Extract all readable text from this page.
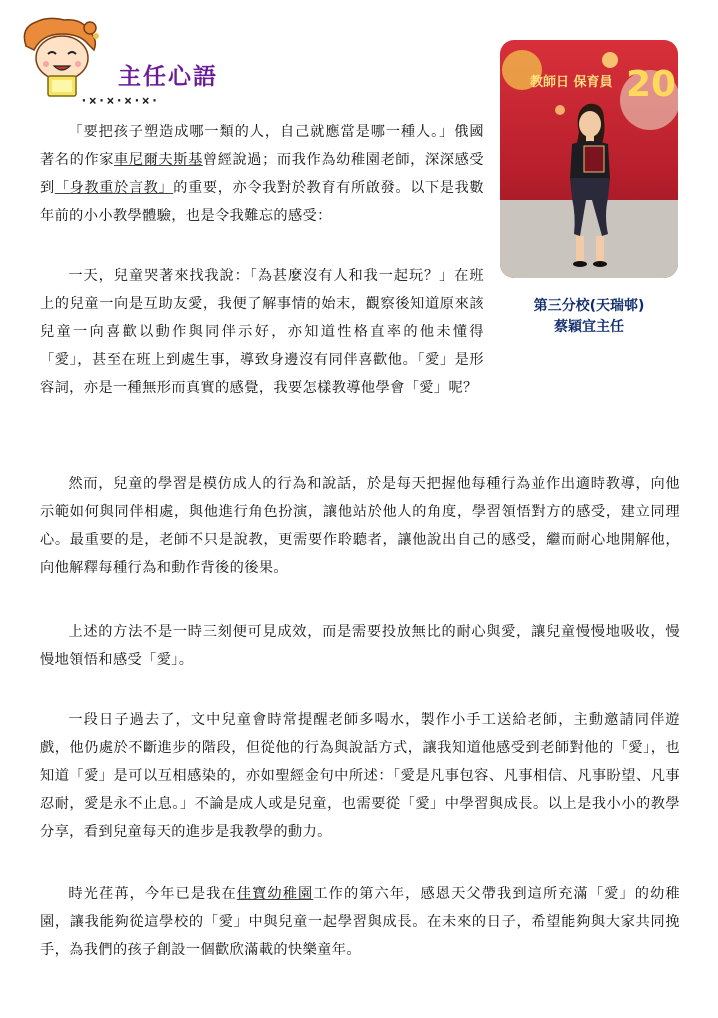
主任心語
·×·×·×·×·
教師日 保育員 20
第三分校(天瑞邨)
蔡穎宜主任

「要把孩子塑造成哪一類的人，自己就應當是哪一種人。」俄國著名的作家車尼爾夫斯基曾經說過；而我作為幼稚園老師，深深感受到「身教重於言教」的重要，亦令我對於教育有所啟發。以下是我數年前的小小教學體驗，也是令我難忘的感受：

一天，兒童哭著來找我說：「為甚麼沒有人和我一起玩？」在班上的兒童一向是互助友愛，我便了解事情的始末，觀察後知道原來該兒童一向喜歡以動作與同伴示好，亦知道性格直率的他未懂得「愛」，甚至在班上到處生事，導致身邊沒有同伴喜歡他。「愛」是形容詞，亦是一種無形而真實的感覺，我要怎樣教導他學會「愛」呢？

然而，兒童的學習是模仿成人的行為和說話，於是每天把握他每種行為並作出適時教導，向他示範如何與同伴相處，與他進行角色扮演，讓他站於他人的角度，學習領悟對方的感受，建立同理心。最重要的是，老師不只是說教，更需要作聆聽者，讓他說出自己的感受，繼而耐心地開解他，向他解釋每種行為和動作背後的後果。

上述的方法不是一時三刻便可見成效，而是需要投放無比的耐心與愛，讓兒童慢慢地吸收，慢慢地領悟和感受「愛」。

一段日子過去了，文中兒童會時常提醒老師多喝水，製作小手工送給老師，主動邀請同伴遊戲，他仍處於不斷進步的階段，但從他的行為與說話方式，讓我知道他感受到老師對他的「愛」，也知道「愛」是可以互相感染的，亦如聖經金句中所述：「愛是凡事包容、凡事相信、凡事盼望、凡事忍耐，愛是永不止息。」不論是成人或是兒童，也需要從「愛」中學習與成長。以上是我小小的教學分享，看到兒童每天的進步是我教學的動力。

時光荏苒，今年已是我在佳寶幼稚園工作的第六年，感恩天父帶我到這所充滿「愛」的幼稚園，讓我能夠從這學校的「愛」中與兒童一起學習與成長。在未來的日子，希望能夠與大家共同挽手，為我們的孩子創設一個歡欣滿載的快樂童年。
